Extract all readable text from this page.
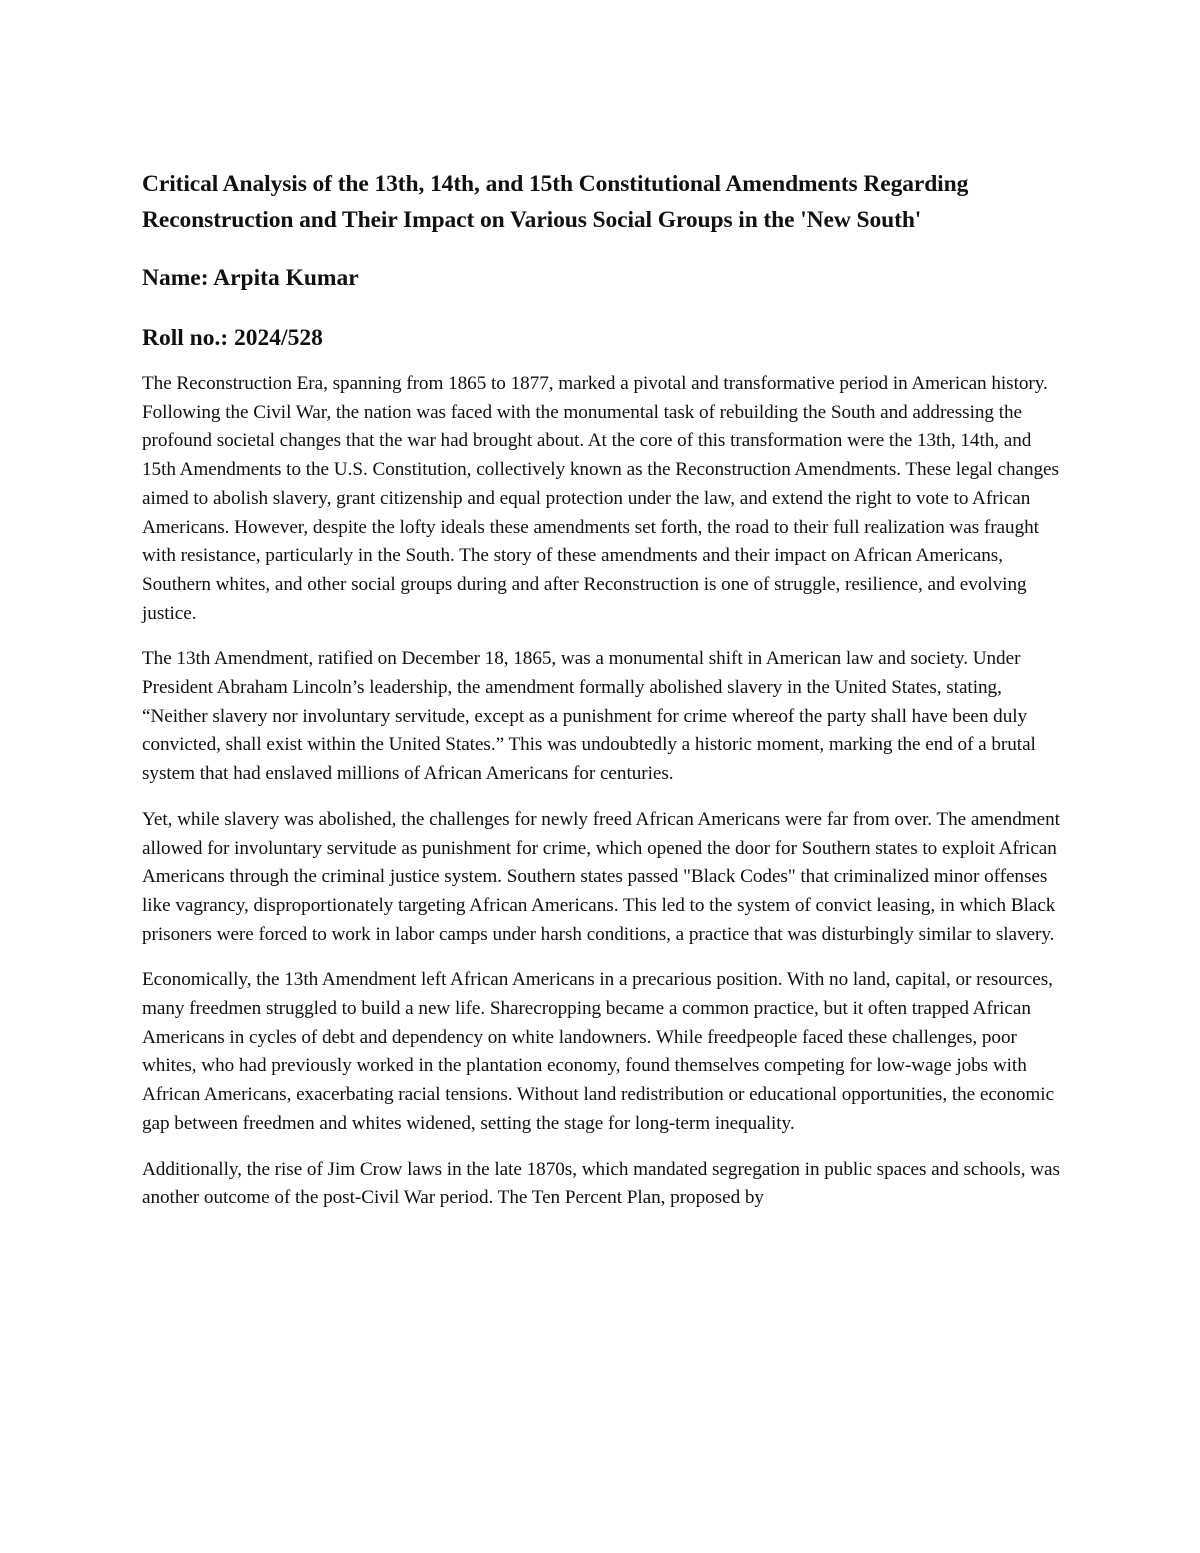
Critical Analysis of the 13th, 14th, and 15th Constitutional Amendments Regarding Reconstruction and Their Impact on Various Social Groups in the 'New South'
Name: Arpita Kumar
Roll no.: 2024/528

The Reconstruction Era, spanning from 1865 to 1877, marked a pivotal and transformative period in American history. Following the Civil War, the nation was faced with the monumental task of rebuilding the South and addressing the profound societal changes that the war had brought about. At the core of this transformation were the 13th, 14th, and 15th Amendments to the U.S. Constitution, collectively known as the Reconstruction Amendments. These legal changes aimed to abolish slavery, grant citizenship and equal protection under the law, and extend the right to vote to African Americans. However, despite the lofty ideals these amendments set forth, the road to their full realization was fraught with resistance, particularly in the South. The story of these amendments and their impact on African Americans, Southern whites, and other social groups during and after Reconstruction is one of struggle, resilience, and evolving justice.

The 13th Amendment, ratified on December 18, 1865, was a monumental shift in American law and society. Under President Abraham Lincoln’s leadership, the amendment formally abolished slavery in the United States, stating, “Neither slavery nor involuntary servitude, except as a punishment for crime whereof the party shall have been duly convicted, shall exist within the United States.” This was undoubtedly a historic moment, marking the end of a brutal system that had enslaved millions of African Americans for centuries.

Yet, while slavery was abolished, the challenges for newly freed African Americans were far from over. The amendment allowed for involuntary servitude as punishment for crime, which opened the door for Southern states to exploit African Americans through the criminal justice system. Southern states passed "Black Codes" that criminalized minor offenses like vagrancy, disproportionately targeting African Americans. This led to the system of convict leasing, in which Black prisoners were forced to work in labor camps under harsh conditions, a practice that was disturbingly similar to slavery.

Economically, the 13th Amendment left African Americans in a precarious position. With no land, capital, or resources, many freedmen struggled to build a new life. Sharecropping became a common practice, but it often trapped African Americans in cycles of debt and dependency on white landowners. While freedpeople faced these challenges, poor whites, who had previously worked in the plantation economy, found themselves competing for low-wage jobs with African Americans, exacerbating racial tensions. Without land redistribution or educational opportunities, the economic gap between freedmen and whites widened, setting the stage for long-term inequality.

Additionally, the rise of Jim Crow laws in the late 1870s, which mandated segregation in public spaces and schools, was another outcome of the post-Civil War period. The Ten Percent Plan, proposed by
